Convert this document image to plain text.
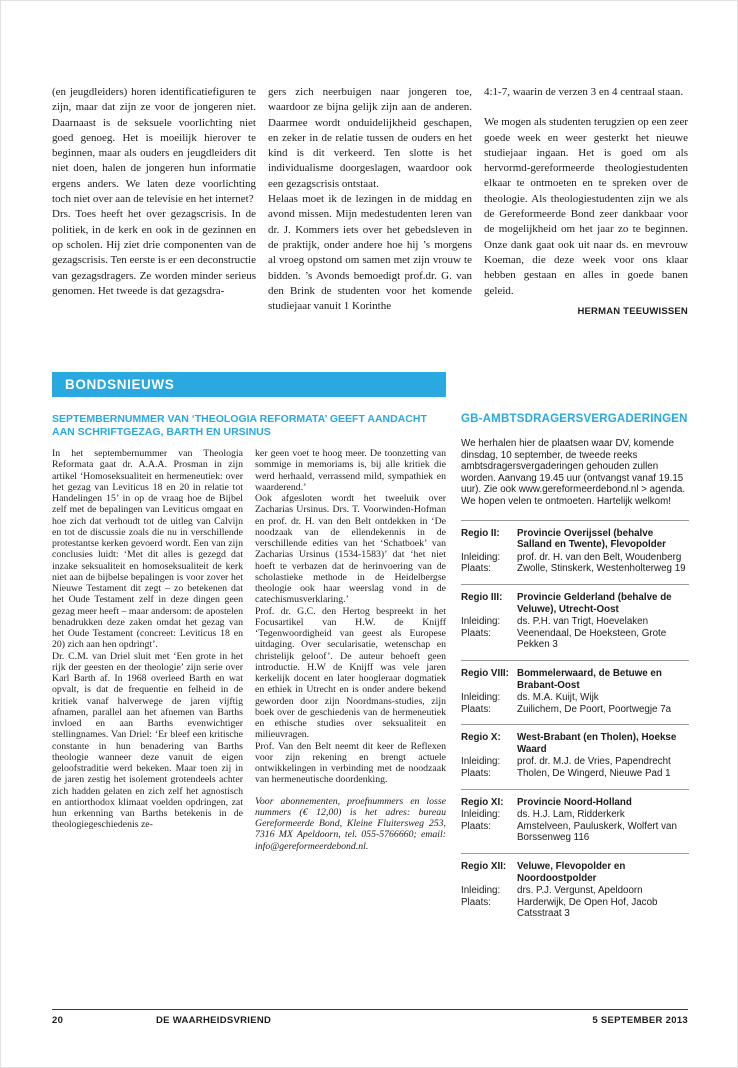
(en jeugdleiders) horen identificatiefiguren te zijn, maar dat zijn ze voor de jongeren niet. Daarnaast is de seksuele voorlichting niet goed genoeg. Het is moeilijk hierover te beginnen, maar als ouders en jeugdleiders dit niet doen, halen de jongeren hun informatie ergens anders. We laten deze voorlichting toch niet over aan de televisie en het internet?

Drs. Toes heeft het over gezagscrisis. In de politiek, in de kerk en ook in de gezinnen en op scholen. Hij ziet drie componenten van de gezagscrisis. Ten eerste is er een deconstructie van gezagsdragers. Ze worden minder serieus genomen. Het tweede is dat gezagsdra-

gers zich neerbuigen naar jongeren toe, waardoor ze bijna gelijk zijn aan de anderen. Daarmee wordt onduidelijkheid geschapen, en zeker in de relatie tussen de ouders en het kind is dit verkeerd. Ten slotte is het individualisme doorgeslagen, waardoor ook een gezagscrisis ontstaat.

Helaas moet ik de lezingen in de middag en avond missen. Mijn medestudenten leren van dr. J. Kommers iets over het gebedsleven in de praktijk, onder andere hoe hij ’s morgens al vroeg opstond om samen met zijn vrouw te bidden. ’s Avonds bemoedigt prof.dr. G. van den Brink de studenten voor het komende studiejaar vanuit 1 Korinthe

4:1-7, waarin de verzen 3 en 4 centraal staan.

We mogen als studenten terugzien op een zeer goede week en weer gesterkt het nieuwe studiejaar ingaan. Het is goed om als hervormd-gereformeerde theologiestudenten elkaar te ontmoeten en te spreken over de theologie. Als theologiestudenten zijn we als de Gereformeerde Bond zeer dankbaar voor de mogelijkheid om het jaar zo te beginnen. Onze dank gaat ook uit naar ds. en mevrouw Koeman, die deze week voor ons klaar hebben gestaan en alles in goede banen geleid.

HERMAN TEEUWISSEN

BONDSNIEUWS
SEPTEMBERNUMMER VAN ‘THEOLOGIA REFORMATA’ GEEFT AANDACHT AAN SCHRIFTGEZAG, BARTH EN URSINUS

In het septembernummer van Theologia Reformata gaat dr. A.A.A. Prosman in zijn artikel ‘Homoseksualiteit en hermeneutiek: over het gezag van Leviticus 18 en 20 in relatie tot Handelingen 15’ in op de vraag hoe de Bijbel zelf met de bepalingen van Leviticus omgaat en hoe zich dat verhoudt tot de uitleg van Calvijn en tot de discussie zoals die nu in verschillende protestantse kerken gevoerd wordt. Een van zijn conclusies luidt: ‘Met dit alles is gezegd dat inzake seksualiteit en homoseksualiteit de kerk niet aan de bijbelse bepalingen is voor zover het Nieuwe Testament dit zegt – zo betekenen dat het Oude Testament zelf in deze dingen geen gezag meer heeft – maar andersom: de apostelen benadrukken deze zaken omdat het gezag van het Oude Testament (concreet: Leviticus 18 en 20) zich aan hen opdringt’.

Dr. C.M. van Driel sluit met ‘Een grote in het rijk der geesten en der theologie’ zijn serie over Karl Barth af. In 1968 overleed Barth en wat opvalt, is dat de frequentie en felheid in de kritiek vanaf halverwege de jaren vijftig afnamen, parallel aan het afnemen van Barths invloed en aan Barths evenwichtiger stellingnames. Van Driel: ‘Er bleef een kritische constante in hun benadering van Barths theologie wanneer deze vanuit de eigen geloofstraditie werd bekeken. Maar toen zij in de jaren zestig het isolement grotendeels achter zich hadden gelaten en zich zelf het agnostisch en antiorthodox klimaat voelden opdringen, zat hun erkenning van Barths betekenis in de theologiegeschiedenis ze-

ker geen voet te hoog meer. De toonzetting van sommige in memoriams is, bij alle kritiek die werd herhaald, verrassend mild, sympathiek en waarderend.’

Ook afgesloten wordt het tweeluik over Zacharias Ursinus. Drs. T. Voorwinden-Hofman en prof. dr. H. van den Belt ontdekken in ‘De noodzaak van de ellendekennis in de verschillende edities van het ‘Schatboek’ van Zacharias Ursinus (1534-1583)’ dat ‘het niet hoeft te verbazen dat de herinvoering van de scholastieke methode in de Heidelbergse theologie ook haar weerslag vond in de catechismusverklaring.’

Prof. dr. G.C. den Hertog bespreekt in het Focusartikel van H.W. de Knijff ‘Tegenwoordigheid van geest als Europese uitdaging. Over secularisatie, wetenschap en christelijk geloof’. De auteur behoeft geen introductie. H.W de Knijff was vele jaren kerkelijk docent en later hoogleraar dogmatiek en ethiek in Utrecht en is onder andere bekend geworden door zijn Noordmans-studies, zijn boek over de geschiedenis van de hermeneutiek en ethische studies over seksualiteit en milieuvragen.

Prof. Van den Belt neemt dit keer de Reflexen voor zijn rekening en brengt actuele ontwikkelingen in verbinding met de noodzaak van hermeneutische doordenking.

Voor abonnementen, proefnummers en losse nummers (€ 12,00) is het adres: bureau Gereformeerde Bond, Kleine Fluitersweg 253, 7316 MX Apeldoorn, tel. 055-5766660; email: info@gereformeerdebond.nl.

GB-AMBTSDRAGERSVERGADERINGEN

We herhalen hier de plaatsen waar DV, komende dinsdag, 10 september, de tweede reeks ambtsdragersvergaderingen gehouden zullen worden. Aanvang 19.45 uur (ontvangst vanaf 19.15 uur). Zie ook www.gereformeerdebond.nl > agenda. We hopen velen te ontmoeten. Hartelijk welkom!

Regio II:	Provincie Overijssel (behalve Salland en Twente), Flevopolder
Inleiding:	prof. dr. H. van den Belt, Woudenberg
Plaats:	Zwolle, Stinskerk, Westenholterweg 19
Regio III:	Provincie Gelderland (behalve de Veluwe), Utrecht-Oost
Inleiding:	ds. P.H. van Trigt, Hoevelaken
Plaats:	Veenendaal, De Hoeksteen, Grote Pekken 3
Regio VIII: Bommelerwaard, de Betuwe en Brabant-Oost
Inleiding:	ds. M.A. Kuijt, Wijk
Plaats:	Zuilichem, De Poort, Poortwegje 7a
Regio X:	West-Brabant (en Tholen), Hoekse Waard
Inleiding:	prof. dr. M.J. de Vries, Papendrecht
Plaats:	Tholen, De Wingerd, Nieuwe Pad 1
Regio XI:	Provincie Noord-Holland
Inleiding:	ds. H.J. Lam, Ridderkerk
Plaats:	Amstelveen, Pauluskerk, Wolfert van Borssenweg 116
Regio XII:	Veluwe, Flevopolder en Noordoostpolder
Inleiding:	drs. P.J. Vergunst, Apeldoorn
Plaats:	Harderwijk, De Open Hof, Jacob Catsstraat 3
20	DE WAARHEIDSVRIEND	5 SEPTEMBER 2013
